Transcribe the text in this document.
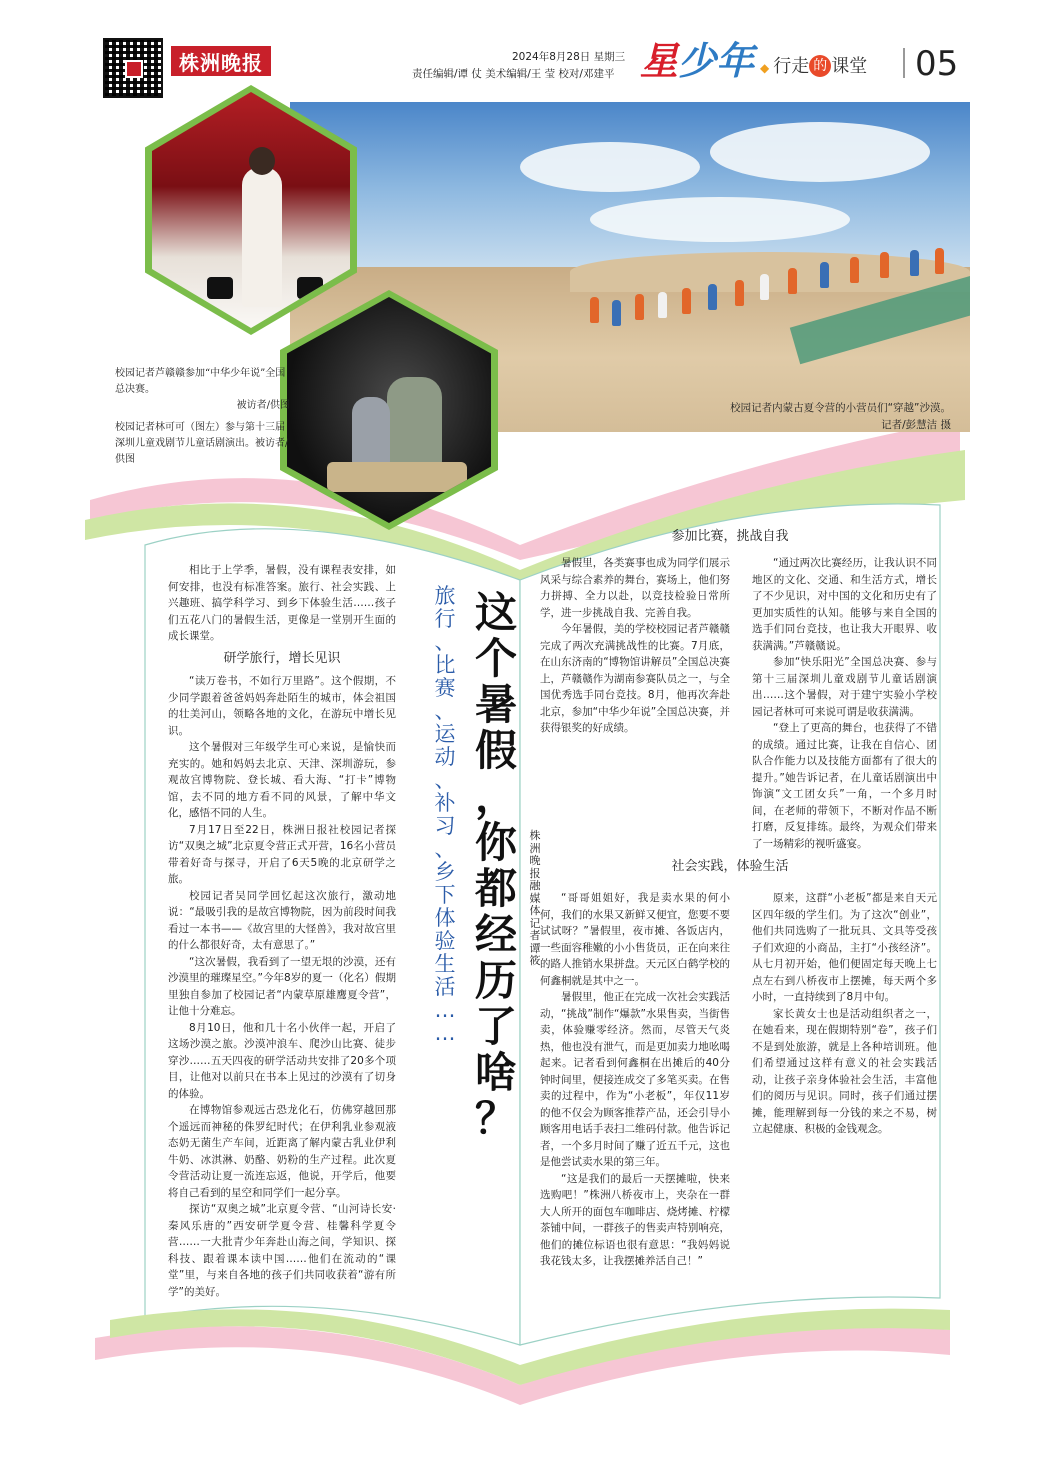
株洲晚报	2024年8月28日 星期三
责任编辑/谭 仗 美术编辑/王 莹 校对/邓建平 星少年 ◆ 行走 的 课堂	05
校园记者芦赣赣参加“中华少年说”全国总决赛。
被访者/供图
校园记者林可可（图左）参与第十三届深圳儿童戏剧节儿童话剧演出。被访者/供图
校园记者内蒙古夏令营的小营员们“穿越”沙漠。
记者/彭慧洁 摄
这
个
暑
假
，
你
都
经
历
了
啥
？
旅
行
、
比
赛
、
运
动
、
补
习
、
乡
下
体
验
生
活
…
…
株
洲
晚
报
融
媒
体
记
者
谭
筱

相比于上学季，暑假，没有课程表安排，如何安排，也没有标准答案。旅行、社会实践、上兴趣班、搞学科学习、到乡下体验生活……孩子们五花八门的暑假生活，更像是一堂别开生面的成长课堂。

研学旅行，增长见识

“读万卷书，不如行万里路”。这个假期，不少同学跟着爸爸妈妈奔赴陌生的城市，体会祖国的壮美河山，领略各地的文化，在游玩中增长见识。

这个暑假对三年级学生可心来说，是愉快而充实的。她和妈妈去北京、天津、深圳游玩，参观故宫博物院、登长城、看大海、“打卡”博物馆，去不同的地方看不同的风景，了解中华文化，感悟不同的人生。

7月17日至22日，株洲日报社校园记者探访“双奥之城”北京夏令营正式开营，16名小营员带着好奇与探寻，开启了6天5晚的北京研学之旅。

校园记者吴同学回忆起这次旅行，激动地说：“最吸引我的是故宫博物院，因为前段时间我看过一本书——《故宫里的大怪兽》，我对故宫里的什么都很好奇，太有意思了。”

“这次暑假，我看到了一望无垠的沙漠，还有沙漠里的璀璨星空。”今年8岁的夏一（化名）假期里独自参加了校园记者“内蒙草原雄鹰夏令营”，让他十分难忘。

8月10日，他和几十名小伙伴一起，开启了这场沙漠之旅。沙漠冲浪车、爬沙山比赛、徒步穿沙……五天四夜的研学活动共安排了20多个项目，让他对以前只在书本上见过的沙漠有了切身的体验。

在博物馆参观远古恐龙化石，仿佛穿越回那个遥远而神秘的侏罗纪时代；在伊利乳业参观液态奶无菌生产车间，近距离了解内蒙古乳业伊利牛奶、冰淇淋、奶酪、奶粉的生产过程。此次夏令营活动让夏一流连忘返，他说，开学后，他要将自己看到的星空和同学们一起分享。

探访“双奥之城”北京夏令营、“山河诗长安·秦风乐唐的”西安研学夏令营、桂馨科学夏令营……一大批青少年奔赴山海之间，学知识、探科技、跟着课本读中国……他们在流动的“课堂”里，与来自各地的孩子们共同收获着“游有所学”的美好。

参加比赛，挑战自我

暑假里，各类赛事也成为同学们展示风采与综合素养的舞台，赛场上，他们努力拼搏、全力以赴，以竞技检验日常所学，进一步挑战自我、完善自我。

今年暑假，美的学校校园记者芦赣赣完成了两次充满挑战性的比赛。7月底，在山东济南的“博物馆讲解员”全国总决赛上，芦赣赣作为湖南参赛队员之一，与全国优秀选手同台竞技。8月，他再次奔赴北京，参加“中华少年说”全国总决赛，并获得银奖的好成绩。

“通过两次比赛经历，让我认识不同地区的文化、交通、和生活方式，增长了不少见识，对中国的文化和历史有了更加实质性的认知。能够与来自全国的选手们同台竞技，也让我大开眼界、收获满满。”芦赣赣说。

参加“快乐阳光”全国总决赛、参与第十三届深圳儿童戏剧节儿童话剧演出……这个暑假，对于建宁实验小学校园记者林可可来说可谓是收获满满。

“登上了更高的舞台，也获得了不错的成绩。通过比赛，让我在自信心、团队合作能力以及技能方面都有了很大的提升。”她告诉记者，在儿童话剧演出中饰演“文工团女兵”一角，一个多月时间，在老师的带领下，不断对作品不断打磨，反复排练。最终，为观众们带来了一场精彩的视听盛宴。

社会实践，体验生活

“哥哥姐姐好，我是卖水果的何小何，我们的水果又新鲜又便宜，您要不要试试呀？”暑假里，夜市摊、各饭店内，一些面容稚嫩的小小售货员，正在向来往的路人推销水果拼盘。天元区白鹤学校的何鑫桐就是其中之一。

暑假里，他正在完成一次社会实践活动，“挑战”制作“爆款”水果售卖，当街售卖，体验赚零经济。然而，尽管天气炎热，他也没有泄气，而是更加卖力地吆喝起来。记者看到何鑫桐在出摊后的40分钟时间里，便接连成交了多笔买卖。在售卖的过程中，作为“小老板”，年仅11岁的他不仅会为顾客推荐产品，还会引导小顾客用电话手表扫二维码付款。他告诉记者，一个多月时间了赚了近五千元，这也是他尝试卖水果的第三年。

“这是我们的最后一天摆摊啦，快来选购吧！”株洲八桥夜市上，夹杂在一群大人所开的面包车咖啡店、烧烤摊、柠檬茶铺中间，一群孩子的售卖声特别响亮，他们的摊位标语也很有意思：“我妈妈说我花钱太多，让我摆摊养活自己！”

原来，这群“小老板”都是来自天元区四年级的学生们。为了这次“创业”，他们共同选购了一批玩具、文具等受孩子们欢迎的小商品，主打“小孩经济”。从七月初开始，他们便固定每天晚上七点左右到八桥夜市上摆摊，每天两个多小时，一直持续到了8月中旬。

家长黄女士也是活动组织者之一，在她看来，现在假期特别“卷”，孩子们不是到处旅游，就是上各种培训班。他们希望通过这样有意义的社会实践活动，让孩子亲身体验社会生活，丰富他们的阅历与见识。同时，孩子们通过摆摊，能理解到每一分钱的来之不易，树立起健康、积极的金钱观念。
